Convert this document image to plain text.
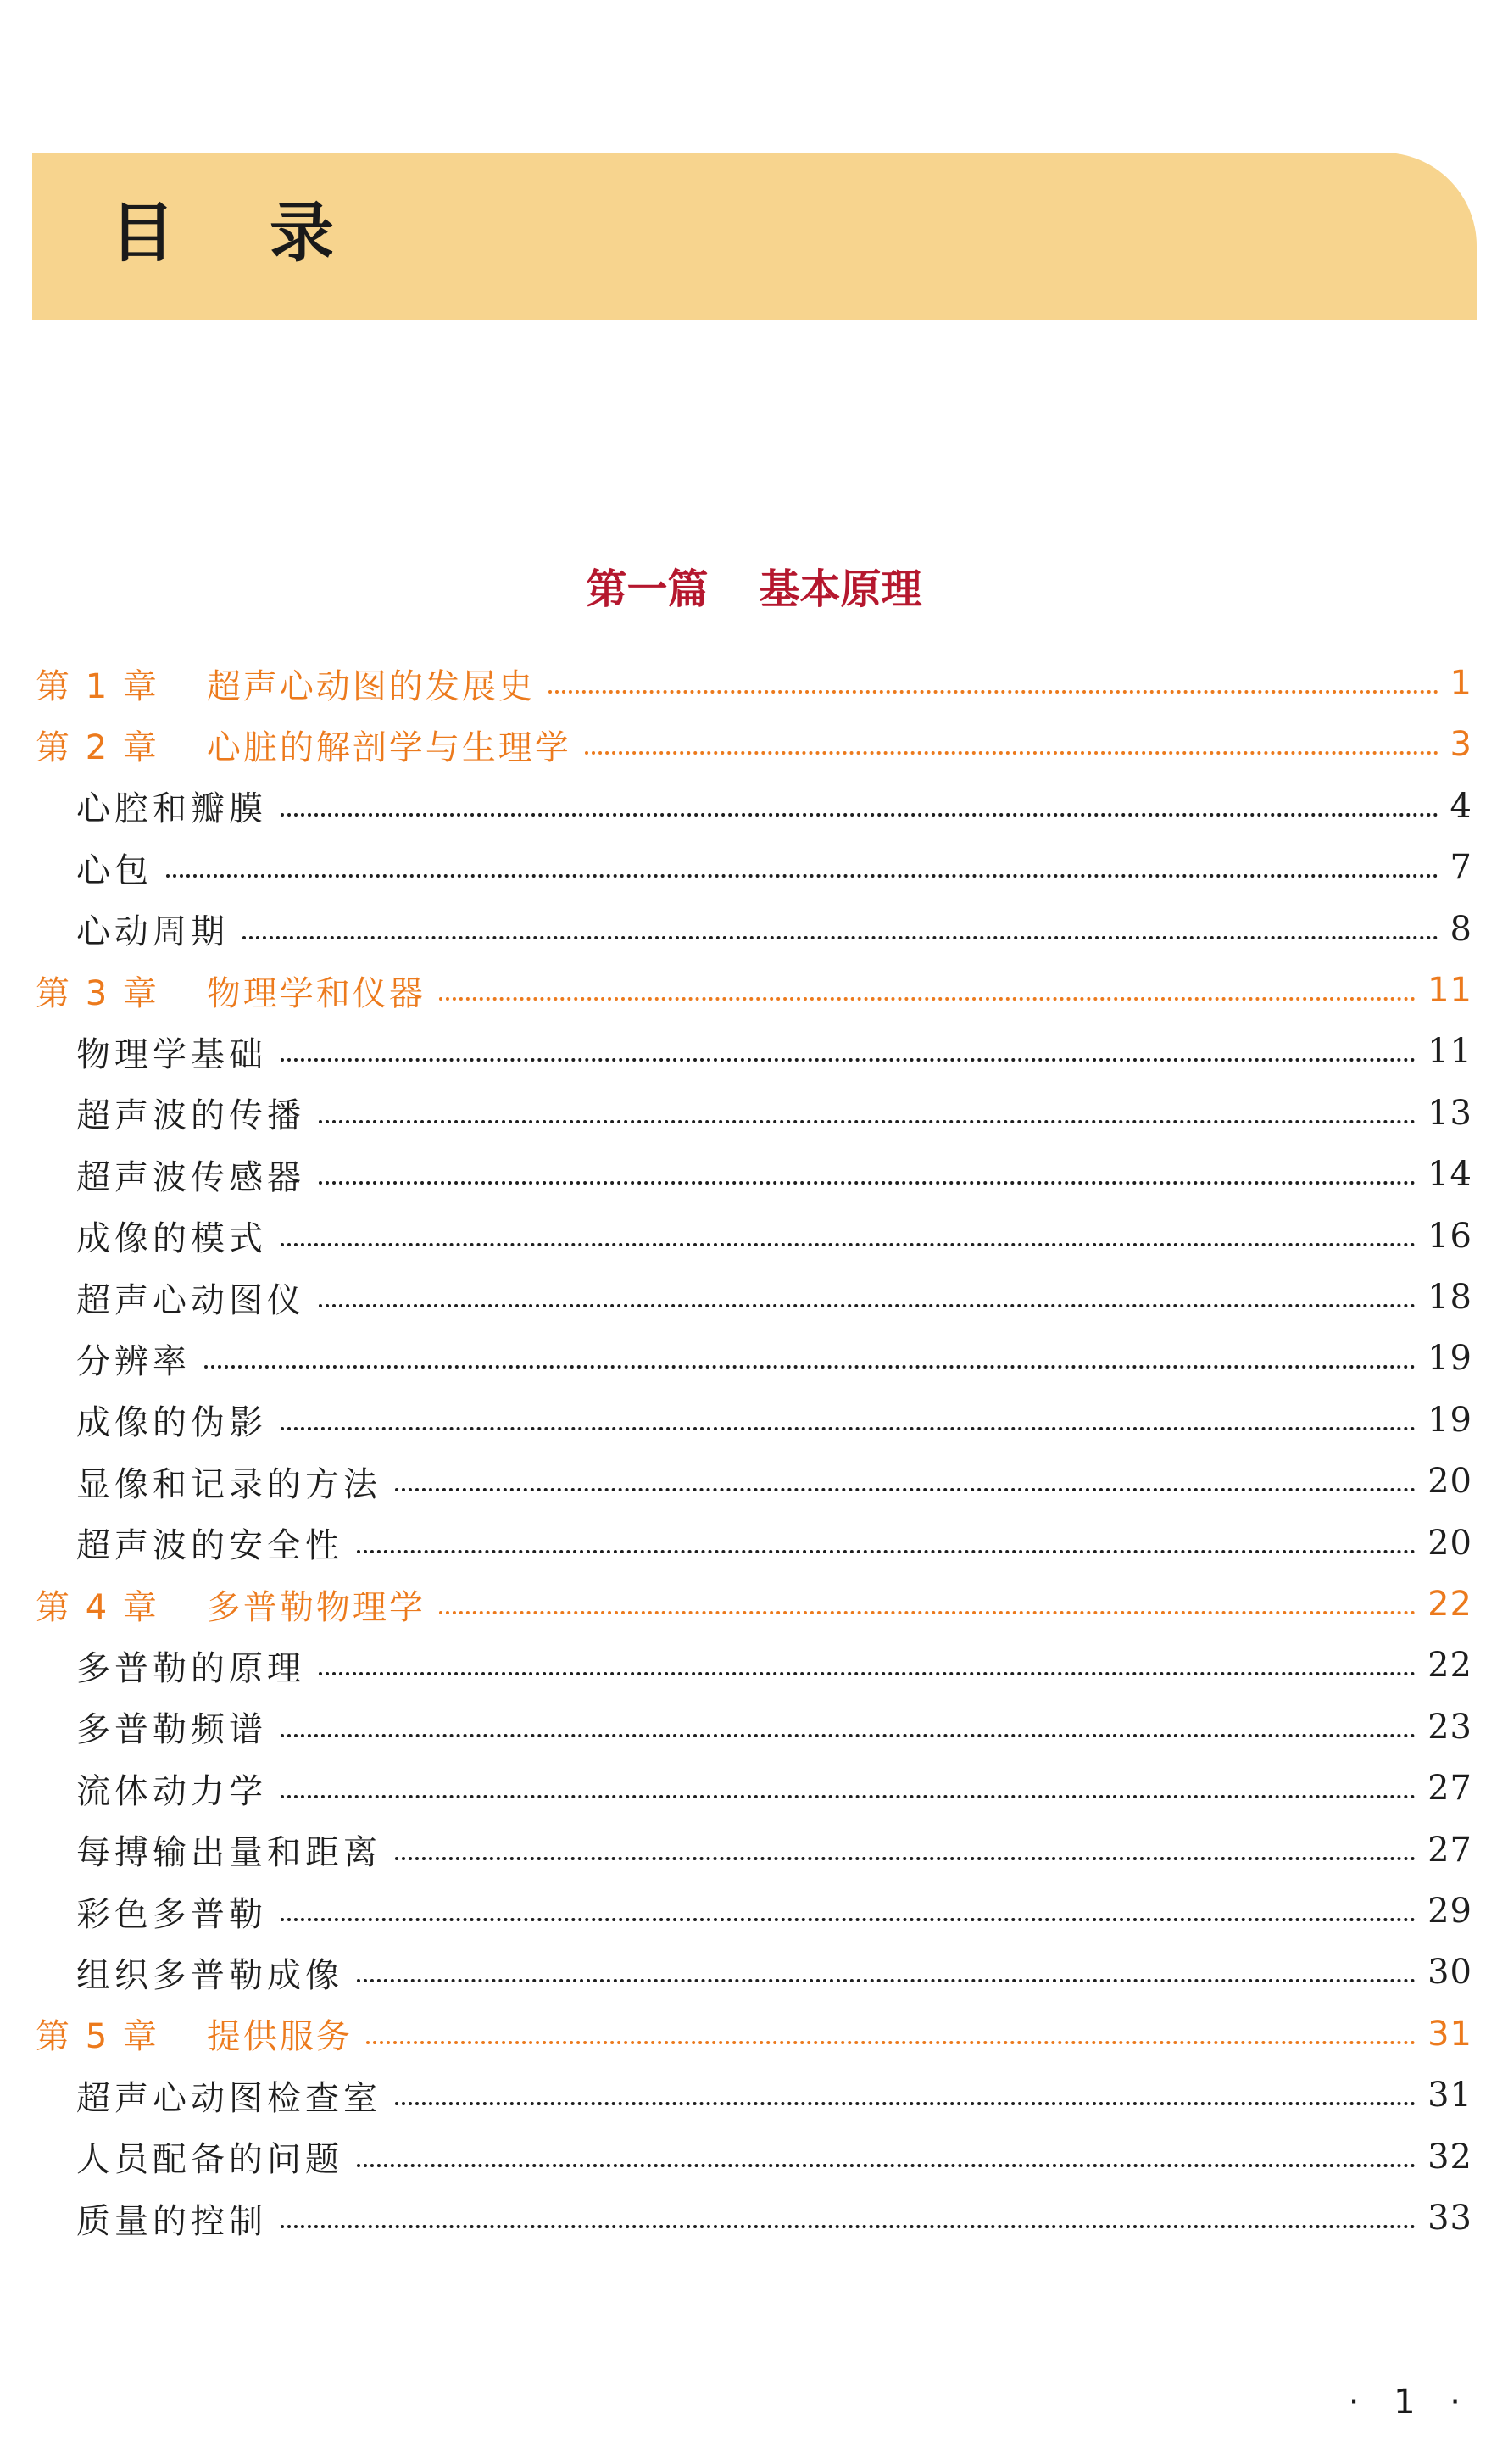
目 录
第一篇 基本原理
第 1 章 超声心动图的发展史	1
第 2 章 心脏的解剖学与生理学	3
心腔和瓣膜	4
心包	7
心动周期	8
第 3 章 物理学和仪器	11
物理学基础	11
超声波的传播	13
超声波传感器	14
成像的模式	16
超声心动图仪	18
分辨率	19
成像的伪影	19
显像和记录的方法	20
超声波的安全性	20
第 4 章 多普勒物理学	22
多普勒的原理	22
多普勒频谱	23
流体动力学	27
每搏输出量和距离	27
彩色多普勒	29
组织多普勒成像	30
第 5 章 提供服务	31
超声心动图检查室	31
人员配备的问题	32
质量的控制	33
· 1 ·
